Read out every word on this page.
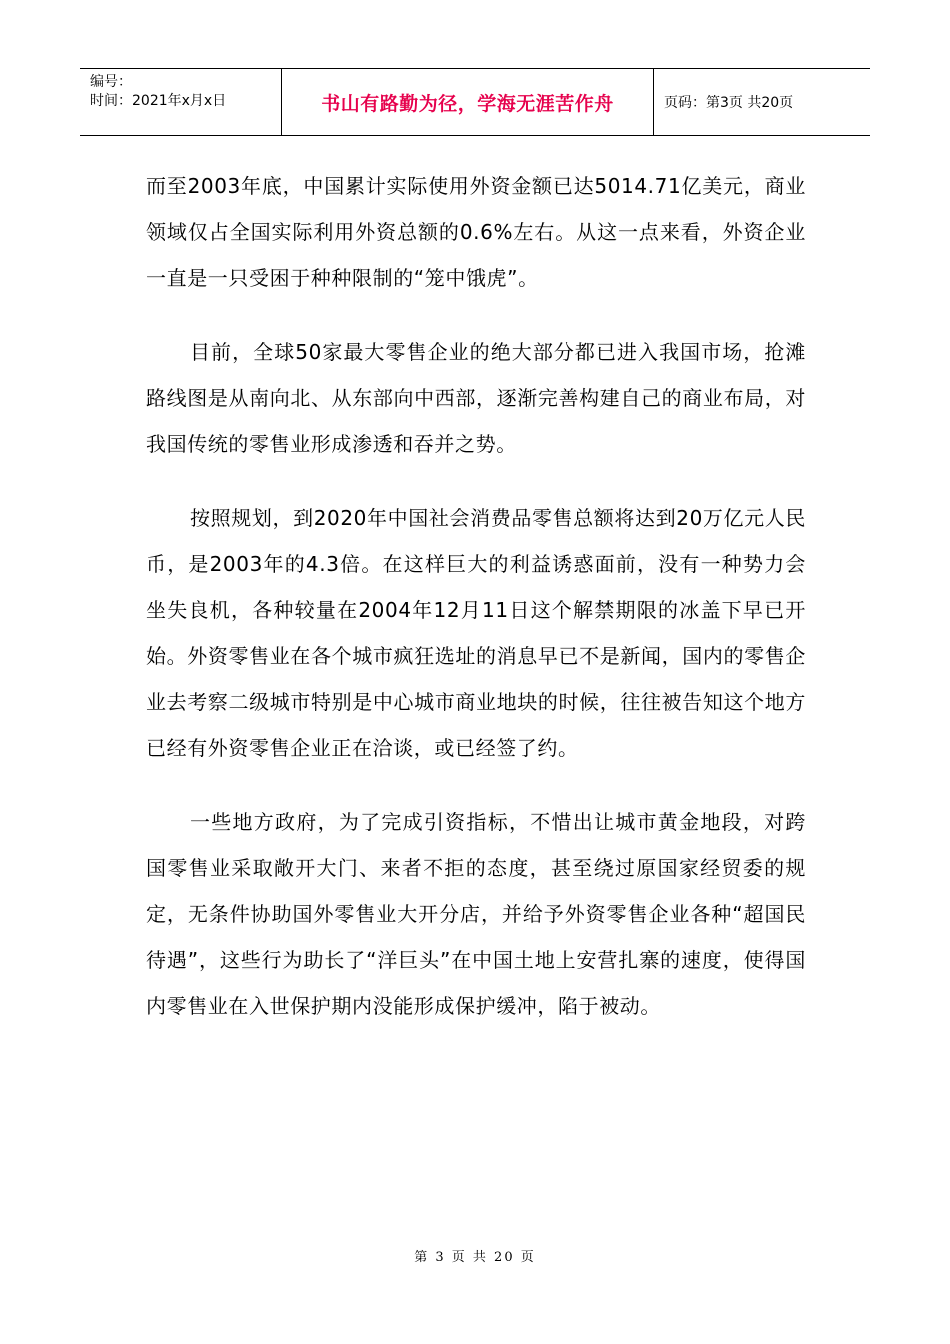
编号：
时间：2021年x月x日	书山有路勤为径，学海无涯苦作舟	页码：第3页 共20页

而至2003年底，中国累计实际使用外资金额已达5014.71亿美元，商业领域仅占全国实际利用外资总额的0.6%左右。从这一点来看，外资企业一直是一只受困于种种限制的“笼中饿虎”。

目前，全球50家最大零售企业的绝大部分都已进入我国市场，抢滩路线图是从南向北、从东部向中西部，逐渐完善构建自己的商业布局，对我国传统的零售业形成渗透和吞并之势。

按照规划，到2020年中国社会消费品零售总额将达到20万亿元人民币，是2003年的4.3倍。在这样巨大的利益诱惑面前，没有一种势力会坐失良机，各种较量在2004年12月11日这个解禁期限的冰盖下早已开始。外资零售业在各个城市疯狂选址的消息早已不是新闻，国内的零售企业去考察二级城市特别是中心城市商业地块的时候，往往被告知这个地方已经有外资零售企业正在洽谈，或已经签了约。

一些地方政府，为了完成引资指标，不惜出让城市黄金地段，对跨国零售业采取敞开大门、来者不拒的态度，甚至绕过原国家经贸委的规定，无条件协助国外零售业大开分店，并给予外资零售企业各种“超国民待遇”，这些行为助长了“洋巨头”在中国土地上安营扎寨的速度，使得国内零售业在入世保护期内没能形成保护缓冲，陷于被动。

第 3 页 共 20 页
